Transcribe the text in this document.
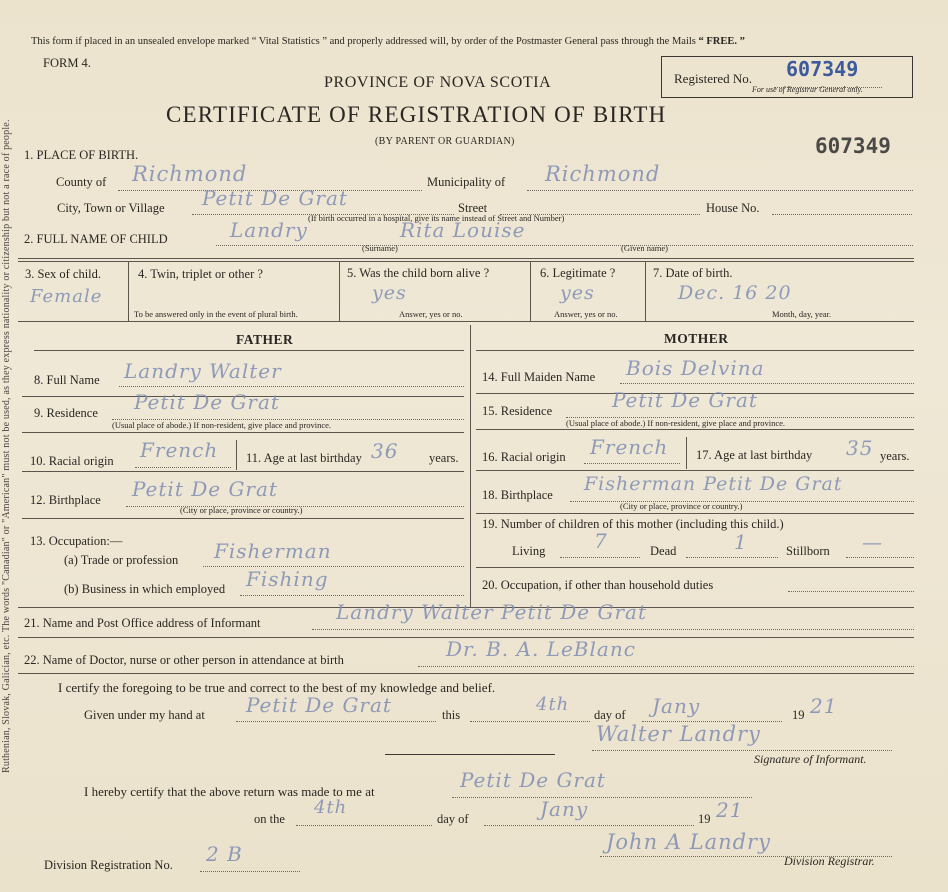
Ruthenian, Slovak, Galician, etc. The words "Canadian" or "American" must not be used, as they express nationality or citizenship but not a race of people.
This form if placed in an unsealed envelope marked “ Vital Statistics ” and properly addressed will, by order of the Postmaster General pass through the Mails “ FREE. ”
FORM 4.
PROVINCE OF NOVA SCOTIA
CERTIFICATE OF REGISTRATION OF BIRTH
(BY PARENT OR GUARDIAN)
Registered No. 607349
For use of Registrar General only.
607349
1. PLACE OF BIRTH.
County of Richmond	Municipality of Richmond
City, Town or Village Petit De Grat	Street	House No.
(If birth occurred in a hospital, give its name instead of Street and Number)
2. FULL NAME OF CHILD	Landry	Rita Louise
(Surname)	(Given name)
3. Sex of child.
Female
4. Twin, triplet or other ?
To be answered only in the event of plural birth.
5. Was the child born alive ?
yes
Answer, yes or no.
6. Legitimate ?
yes
Answer, yes or no.
7. Date of birth.
Dec. 16 20
Month, day, year.
FATHER	MOTHER
8. Full Name Landry Walter
9. Residence Petit De Grat
(Usual place of abode.) If non-resident, give place and province.
10. Racial origin French 11. Age at last birthday 36 years.
12. Birthplace Petit De Grat
(City or place, province or country.)
13. Occupation:—
(a) Trade or profession Fisherman
(b) Business in which employed Fishing
14. Full Maiden Name Bois Delvina
15. Residence	Petit De Grat
(Usual place of abode.) If non-resident, give place and province.
16. Racial origin French 17. Age at last birthday 35 years.
18. Birthplace Fisherman Petit De Grat
(City or place, province or country.)
19. Number of children of this mother (including this child.)
Living 7	Dead	1	Stillborn —
20. Occupation, if other than household duties
21. Name and Post Office address of Informant	Landry Walter Petit De Grat
22. Name of Doctor, nurse or other person in attendance at birth	Dr. B. A. LeBlanc
I certify the foregoing to be true and correct to the best of my knowledge and belief.
Given under my hand at Petit De Grat	this	4th day of Jany	19 21
Walter Landry
Signature of Informant.
I hereby certify that the above return was made to me at	Petit De Grat
on the
4th
day of	Jany	19 21
John A Landry
Division Registration No. 2 B	Division Registrar.
